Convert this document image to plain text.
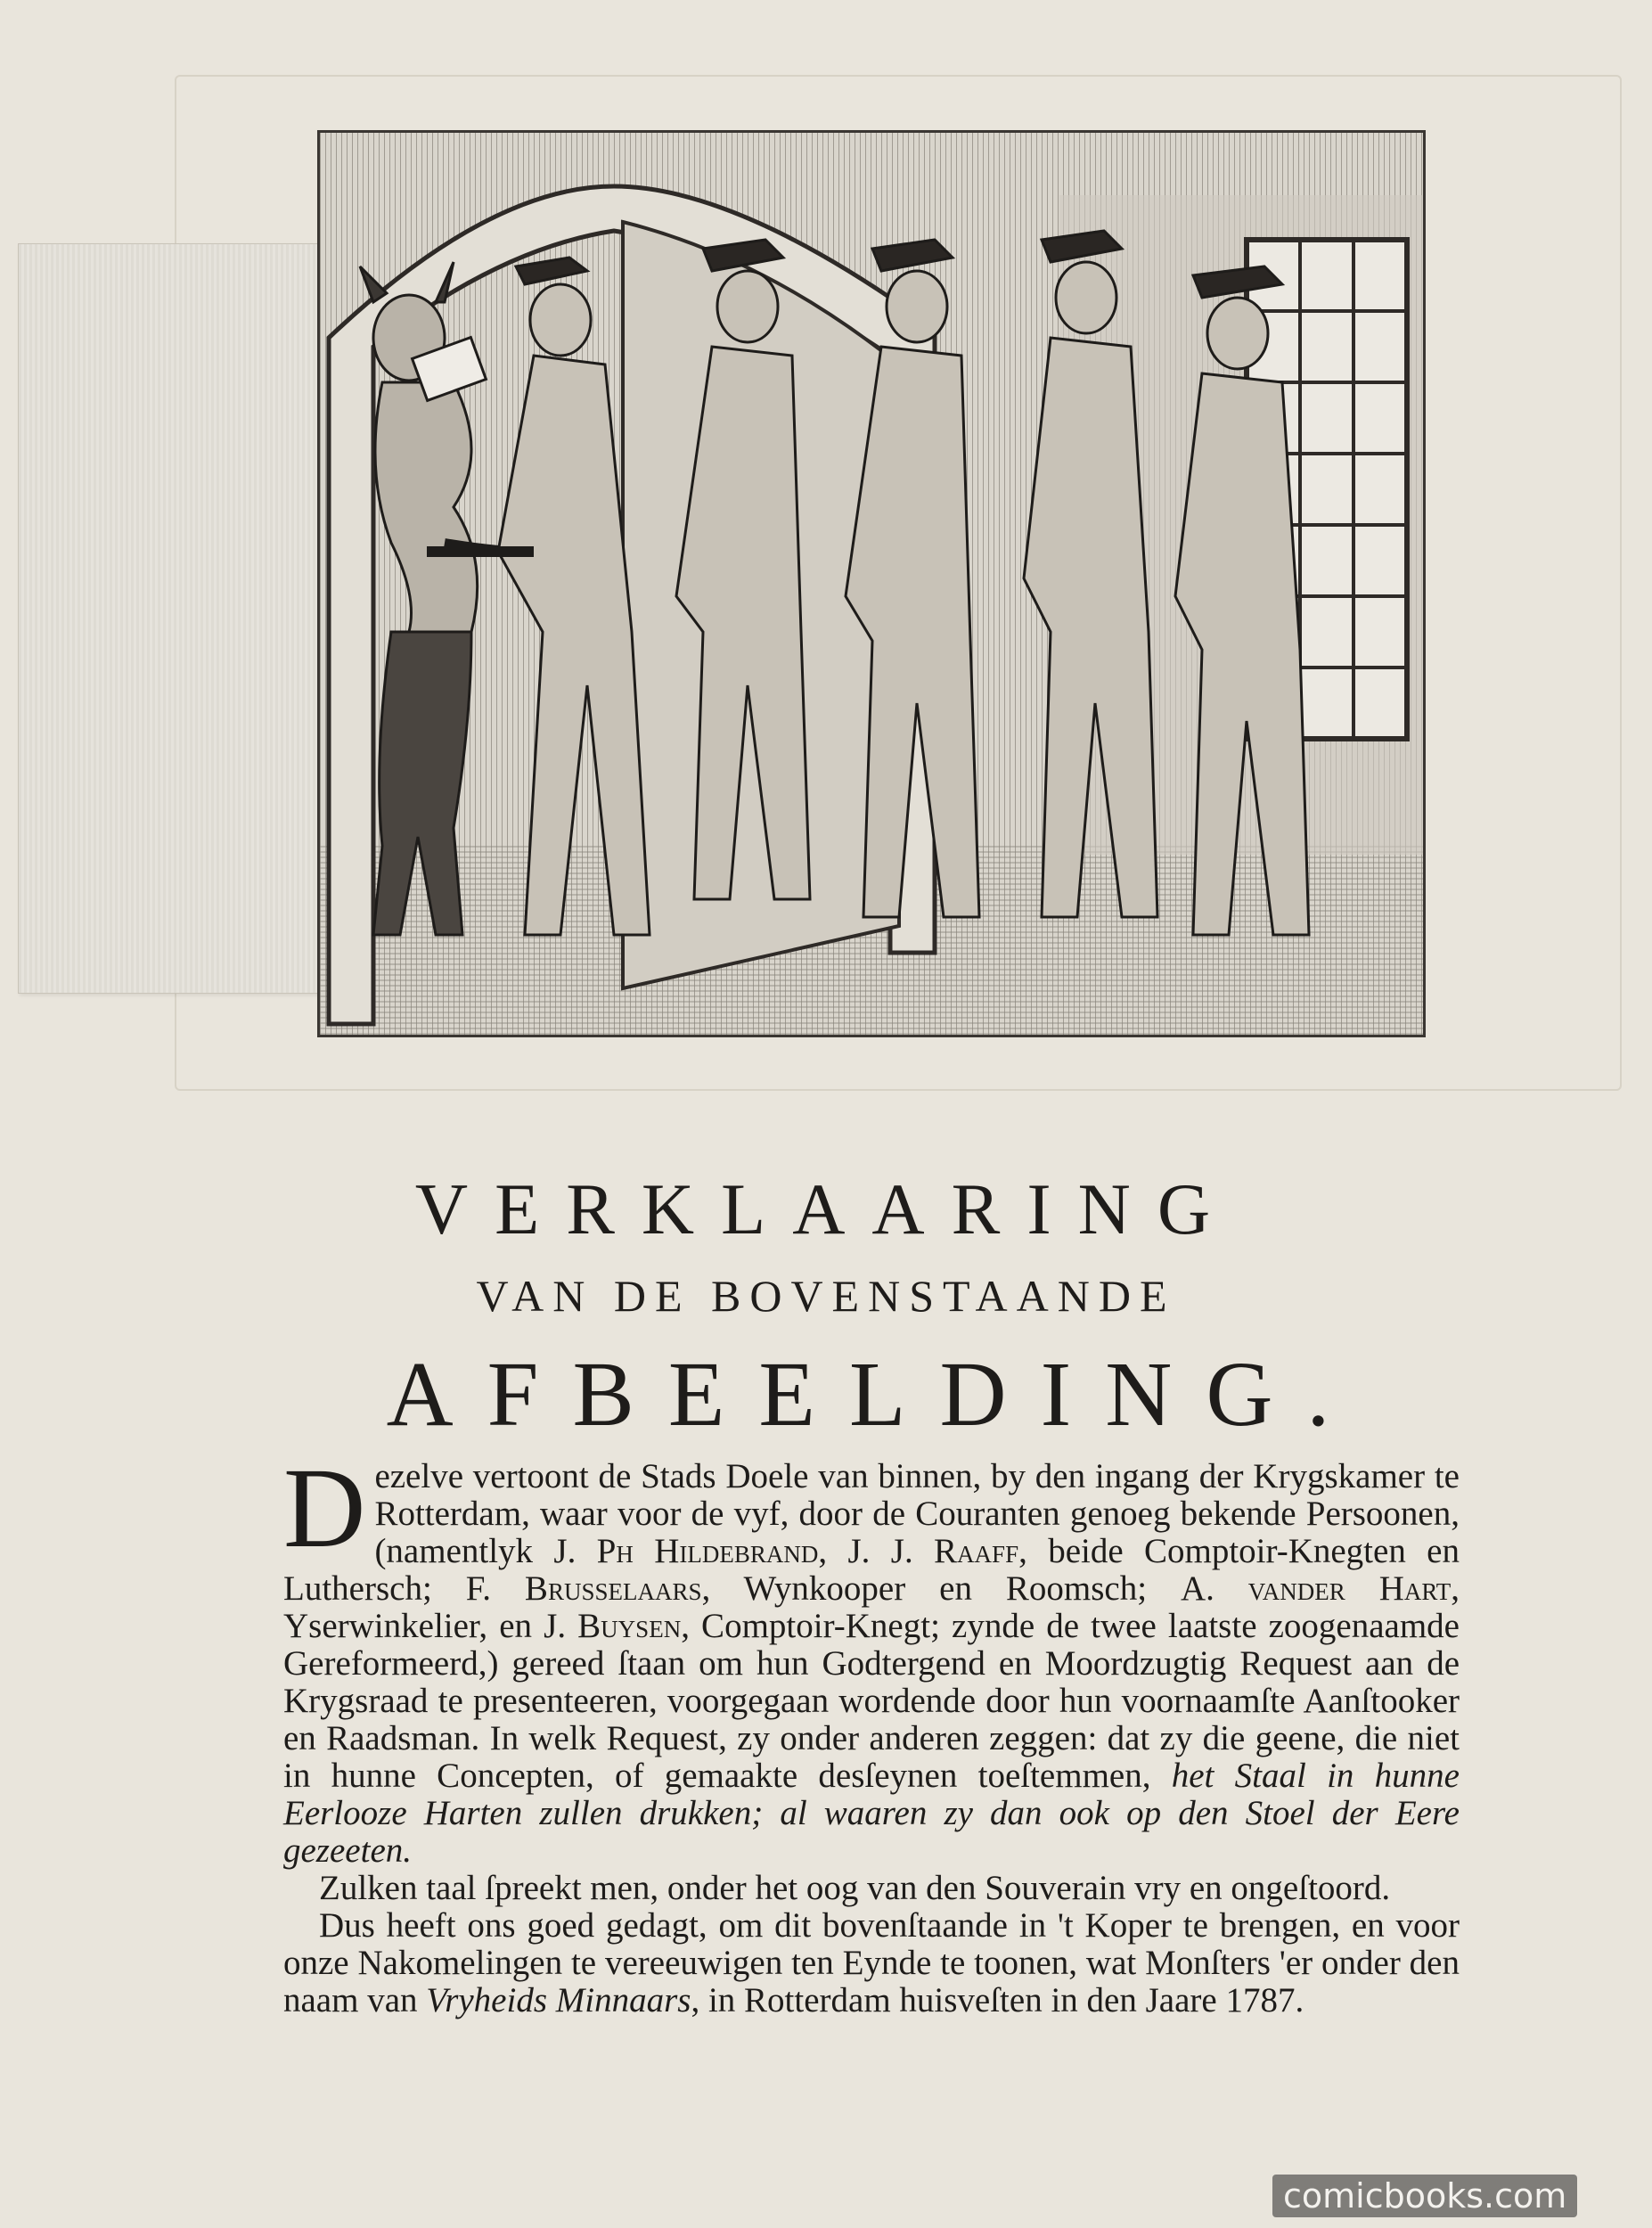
VERKLAARING
VAN DE BOVENSTAANDE
AFBEELDING.

Dezelve vertoont de Stads Doele van binnen, by den ingang der Krygskamer te Rotterdam, waar voor de vyf, door de Couranten genoeg bekende Persoonen, (namentlyk J. Ph Hildebrand, J. J. Raaff, beide Comptoir-Knegten en Luthersch; F. Brusselaars, Wynkooper en Roomsch; A. vander Hart, Yserwinkelier, en J. Buysen, Comptoir-Knegt; zynde de twee laatste zoogenaamde Gereformeerd,) gereed ſtaan om hun Godtergend en Moordzugtig Request aan de Krygsraad te presenteeren, voorgegaan wordende door hun voornaamſte Aanſtooker en Raadsman. In welk Request, zy onder anderen zeggen: dat zy die geene, die niet in hunne Concepten, of gemaakte desſeynen toeſtemmen, het Staal in hunne Eerlooze Harten zullen drukken; al waaren zy dan ook op den Stoel der Eere gezeeten.

Zulken taal ſpreekt men, onder het oog van den Souverain vry en ongeſtoord.

Dus heeft ons goed gedagt, om dit bovenſtaande in 't Koper te brengen, en voor onze Nakomelingen te vereeuwigen ten Eynde te toonen, wat Monſters 'er onder den naam van Vryheids Minnaars, in Rotterdam huisveſten in den Jaare 1787.

comicbooks.com
